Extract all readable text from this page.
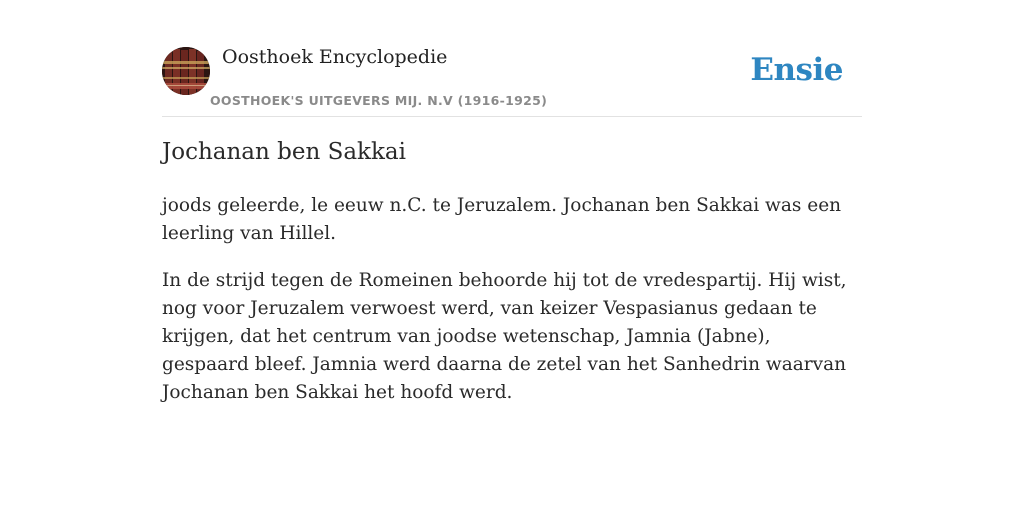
Oosthoek Encyclopedie
OOSTHOEK'S UITGEVERS MIJ. N.V (1916-1925)
Ensie
Jochanan ben Sakkai

joods geleerde, le eeuw n.C. te Jeruzalem. Jochanan ben Sakkai was een leerling van Hillel.

In de strijd tegen de Romeinen behoorde hij tot de vredespartij. Hij wist, nog voor Jeruzalem verwoest werd, van keizer Vespasianus gedaan te krijgen, dat het centrum van joodse wetenschap, Jamnia (Jabne), gespaard bleef. Jamnia werd daarna de zetel van het Sanhedrin waarvan Jochanan ben Sakkai het hoofd werd.
